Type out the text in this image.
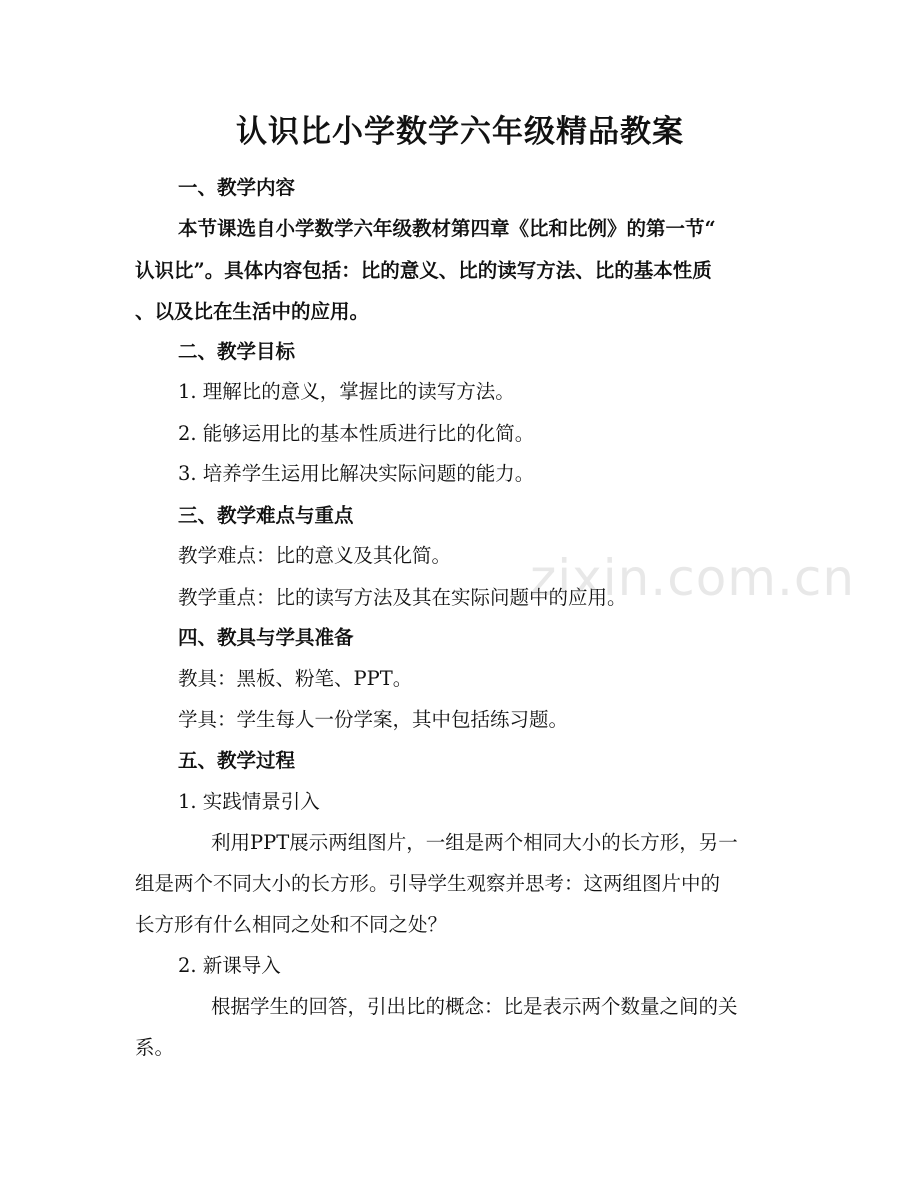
认识比小学数学六年级精品教案
一、教学内容
本节课选自小学数学六年级教材第四章《比和比例》的第一节“
认识比”。具体内容包括：比的意义、比的读写方法、比的基本性质
、以及比在生活中的应用。
二、教学目标
1. 理解比的意义，掌握比的读写方法。
2. 能够运用比的基本性质进行比的化简。
3. 培养学生运用比解决实际问题的能力。
三、教学难点与重点
教学难点：比的意义及其化简。
教学重点：比的读写方法及其在实际问题中的应用。
四、教具与学具准备
教具：黑板、粉笔、PPT。
学具：学生每人一份学案，其中包括练习题。
五、教学过程
1. 实践情景引入
利用PPT展示两组图片，一组是两个相同大小的长方形，另一
组是两个不同大小的长方形。引导学生观察并思考：这两组图片中的
长方形有什么相同之处和不同之处？
2. 新课导入
根据学生的回答，引出比的概念：比是表示两个数量之间的关
系。
zixin.com.cn
